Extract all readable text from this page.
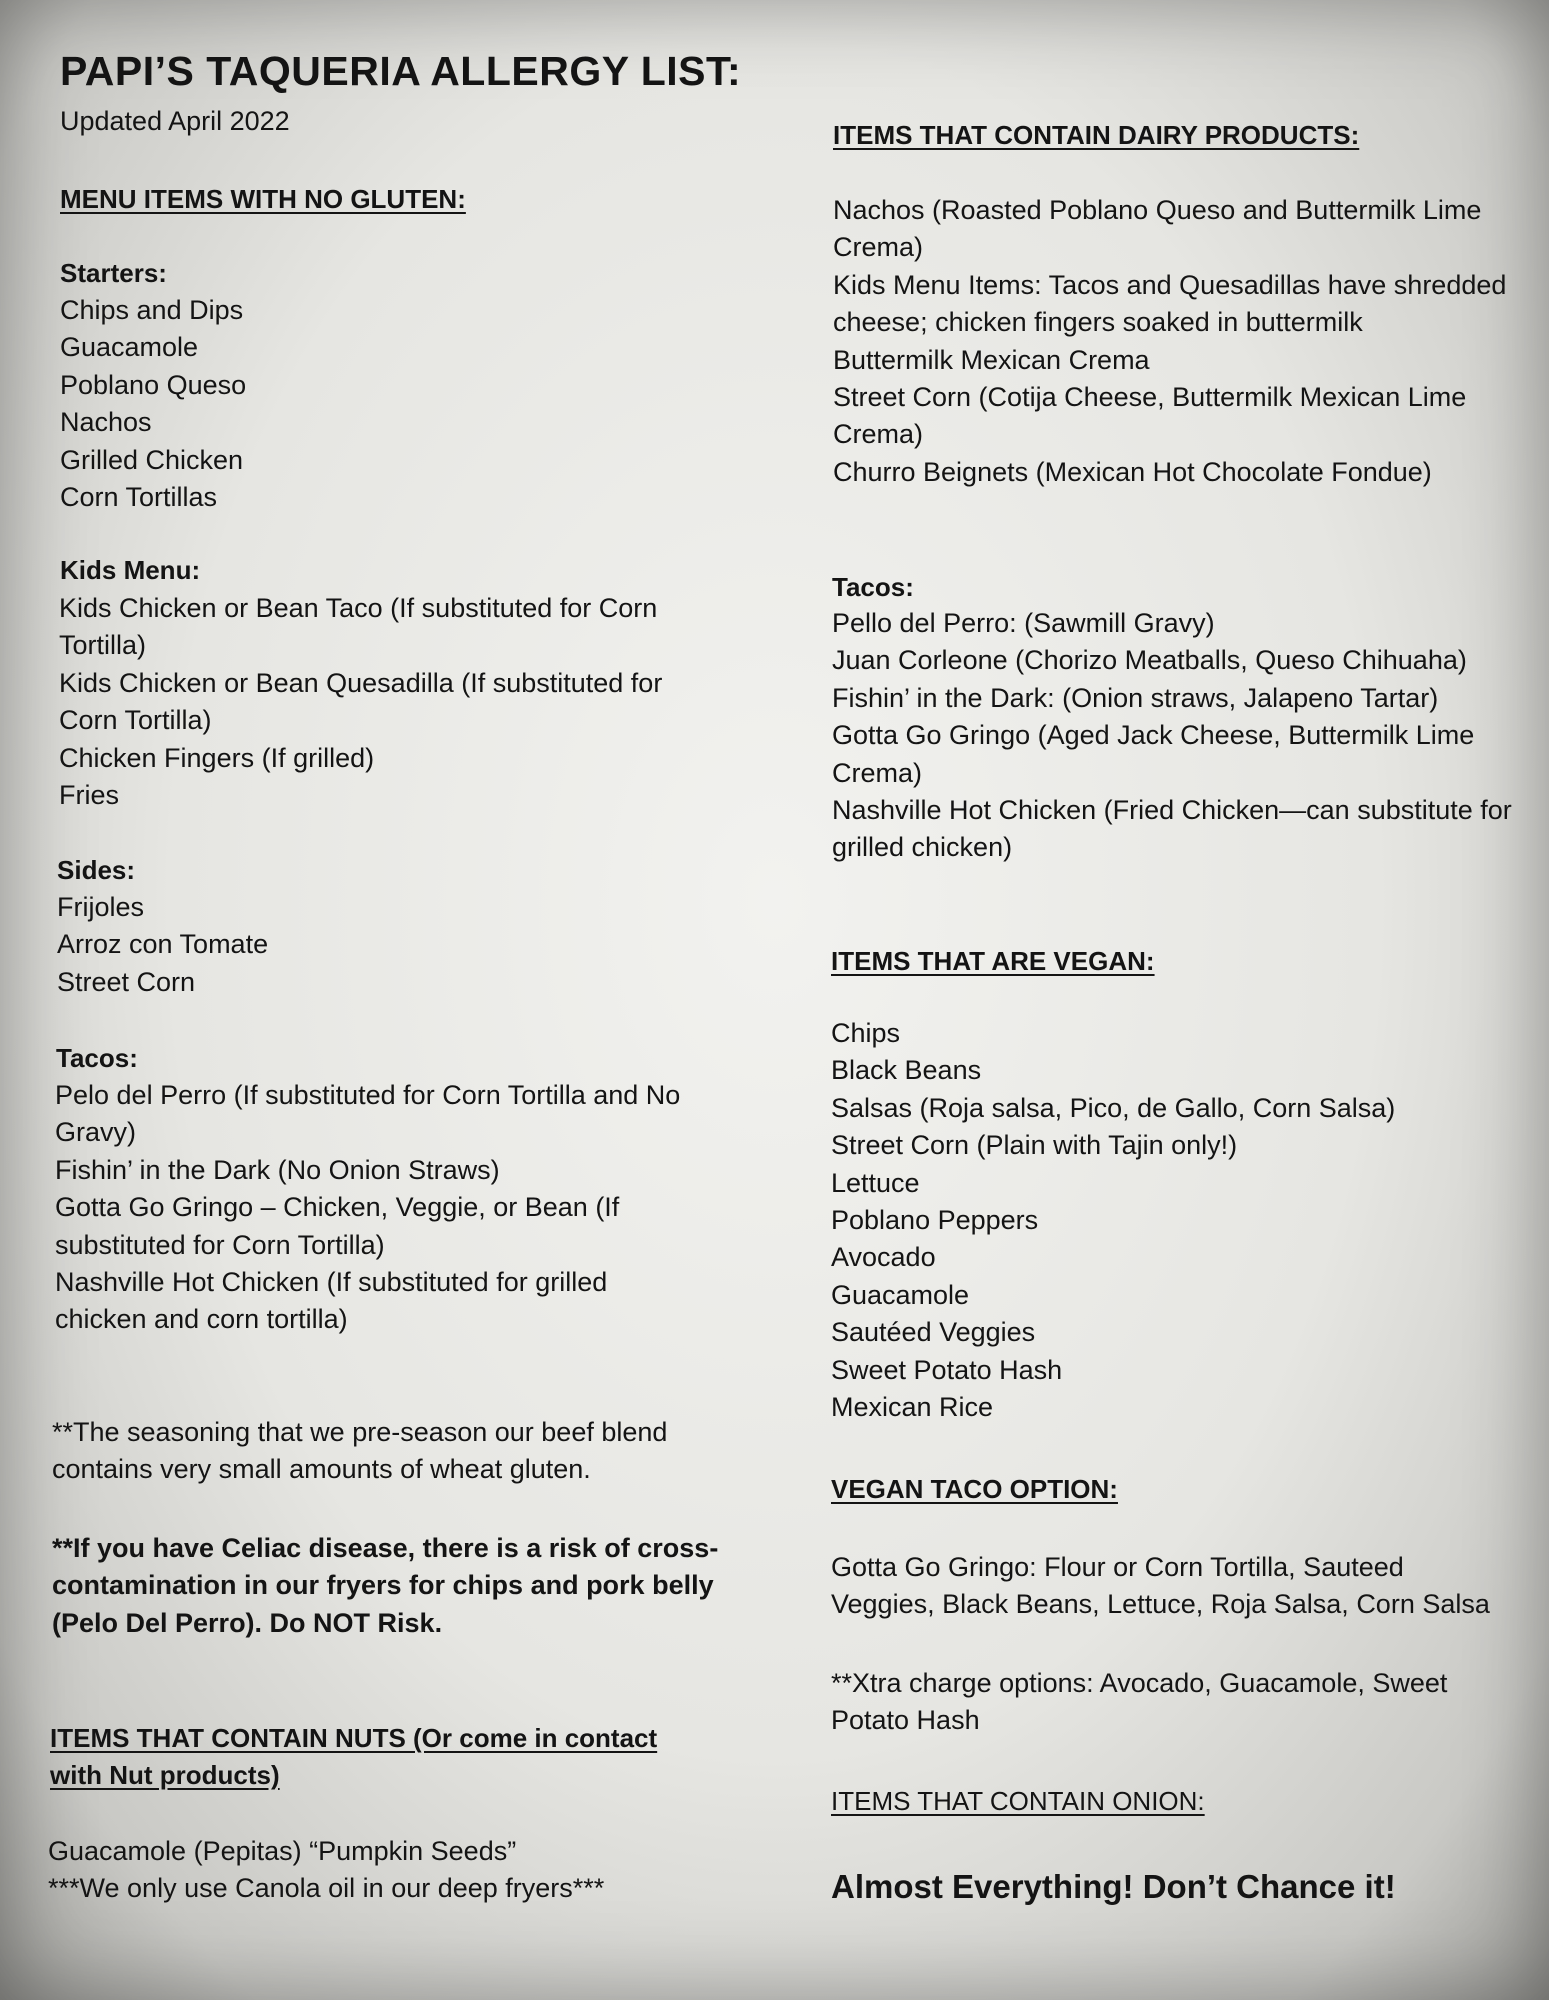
PAPI’S TAQUERIA ALLERGY LIST:

Updated April 2022

MENU ITEMS WITH NO GLUTEN:
Starters:
Chips and Dips
Guacamole
Poblano Queso
Nachos
Grilled Chicken
Corn Tortillas
Kids Menu:
Kids Chicken or Bean Taco (If substituted for Corn Tortilla)
Kids Chicken or Bean Quesadilla (If substituted for Corn Tortilla)
Chicken Fingers (If grilled)
Fries
Sides:
Frijoles
Arroz con Tomate
Street Corn
Tacos:
Pelo del Perro (If substituted for Corn Tortilla and No Gravy)
Fishin’ in the Dark (No Onion Straws)
Gotta Go Gringo – Chicken, Veggie, or Bean (If substituted for Corn Tortilla)
Nashville Hot Chicken (If substituted for grilled chicken and corn tortilla)

**The seasoning that we pre-season our beef blend contains very small amounts of wheat gluten.

**If you have Celiac disease, there is a risk of cross-contamination in our fryers for chips and pork belly (Pelo Del Perro). Do NOT Risk.

ITEMS THAT CONTAIN NUTS (Or come in contact with Nut products)
Guacamole (Pepitas) “Pumpkin Seeds”
***We only use Canola oil in our deep fryers***
ITEMS THAT CONTAIN DAIRY PRODUCTS:
Nachos (Roasted Poblano Queso and Buttermilk Lime Crema)
Kids Menu Items: Tacos and Quesadillas have shredded cheese; chicken fingers soaked in buttermilk
Buttermilk Mexican Crema
Street Corn (Cotija Cheese, Buttermilk Mexican Lime Crema)
Churro Beignets (Mexican Hot Chocolate Fondue)
Tacos:
Pello del Perro: (Sawmill Gravy)
Juan Corleone (Chorizo Meatballs, Queso Chihuaha)
Fishin’ in the Dark: (Onion straws, Jalapeno Tartar)
Gotta Go Gringo (Aged Jack Cheese, Buttermilk Lime Crema)
Nashville Hot Chicken (Fried Chicken—can substitute for grilled chicken)
ITEMS THAT ARE VEGAN:
Chips
Black Beans
Salsas (Roja salsa, Pico, de Gallo, Corn Salsa)
Street Corn (Plain with Tajin only!)
Lettuce
Poblano Peppers
Avocado
Guacamole
Sautéed Veggies
Sweet Potato Hash
Mexican Rice
VEGAN TACO OPTION:

Gotta Go Gringo: Flour or Corn Tortilla, Sauteed Veggies, Black Beans, Lettuce, Roja Salsa, Corn Salsa

**Xtra charge options: Avocado, Guacamole, Sweet Potato Hash

ITEMS THAT CONTAIN ONION:

Almost Everything! Don’t Chance it!
